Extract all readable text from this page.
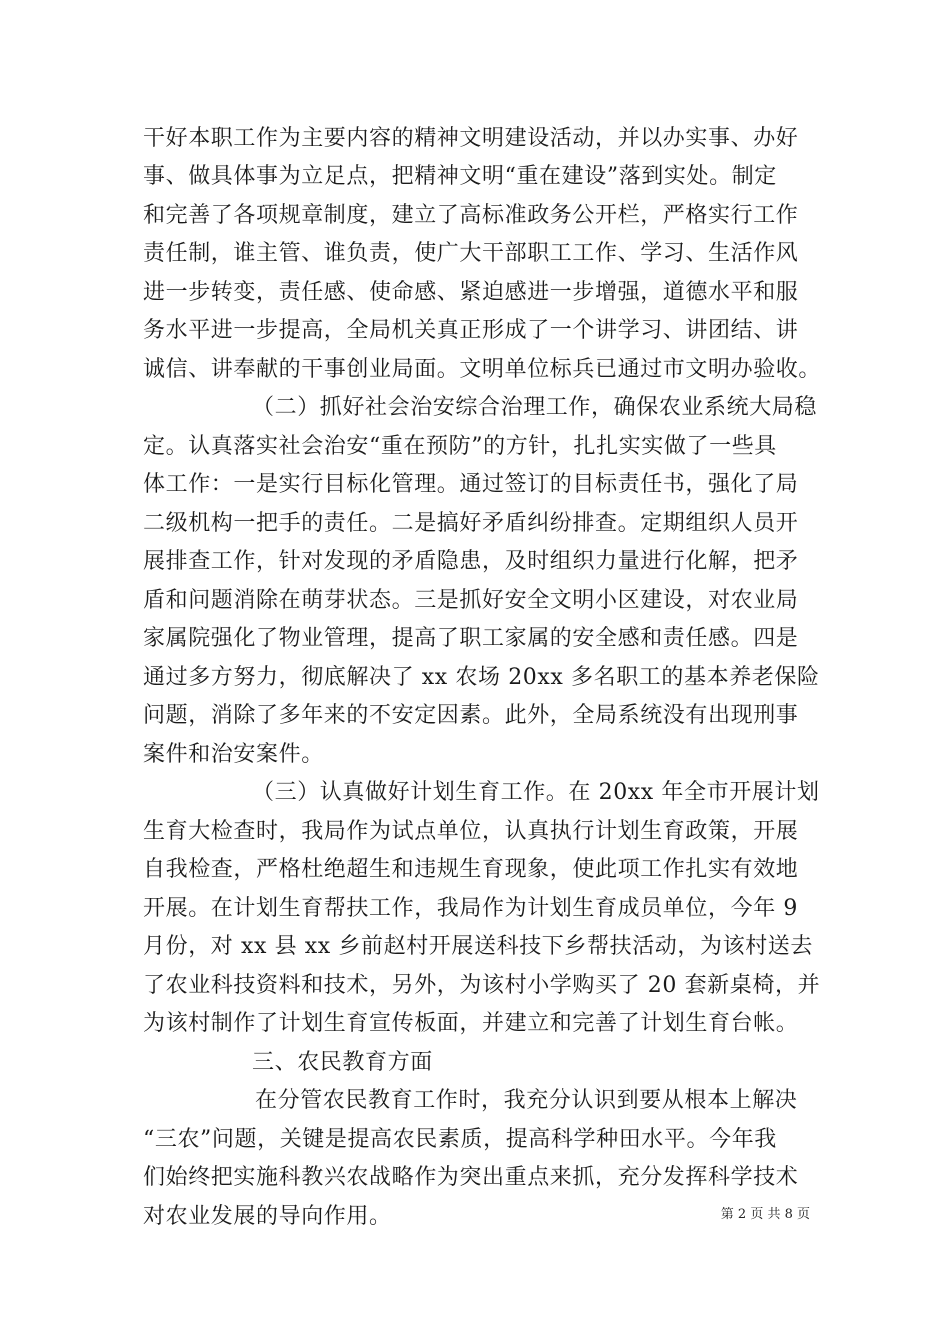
干好本职工作为主要内容的精神文明建设活动，并以办实事、办好
事、做具体事为立足点，把精神文明“重在建设”落到实处。制定
和完善了各项规章制度，建立了高标准政务公开栏，严格实行工作
责任制，谁主管、谁负责，使广大干部职工工作、学习、生活作风
进一步转变，责任感、使命感、紧迫感进一步增强，道德水平和服
务水平进一步提高，全局机关真正形成了一个讲学习、讲团结、讲
诚信、讲奉献的干事创业局面。文明单位标兵已通过市文明办验收。
（二）抓好社会治安综合治理工作，确保农业系统大局稳
定。认真落实社会治安“重在预防”的方针，扎扎实实做了一些具
体工作：一是实行目标化管理。通过签订的目标责任书，强化了局
二级机构一把手的责任。二是搞好矛盾纠纷排查。定期组织人员开
展排查工作，针对发现的矛盾隐患，及时组织力量进行化解，把矛
盾和问题消除在萌芽状态。三是抓好安全文明小区建设，对农业局
家属院强化了物业管理，提高了职工家属的安全感和责任感。四是
通过多方努力，彻底解决了 xx 农场 20xx 多名职工的基本养老保险
问题，消除了多年来的不安定因素。此外，全局系统没有出现刑事
案件和治安案件。
（三）认真做好计划生育工作。在 20xx 年全市开展计划
生育大检查时，我局作为试点单位，认真执行计划生育政策，开展
自我检查，严格杜绝超生和违规生育现象，使此项工作扎实有效地
开展。在计划生育帮扶工作，我局作为计划生育成员单位，今年 9
月份，对 xx 县 xx 乡前赵村开展送科技下乡帮扶活动，为该村送去
了农业科技资料和技术，另外，为该村小学购买了 20 套新桌椅，并
为该村制作了计划生育宣传板面，并建立和完善了计划生育台帐。
三、农民教育方面
在分管农民教育工作时，我充分认识到要从根本上解决
“三农”问题，关键是提高农民素质，提高科学种田水平。今年我
们始终把实施科教兴农战略作为突出重点来抓，充分发挥科学技术
对农业发展的导向作用。	第 2 页 共 8 页
